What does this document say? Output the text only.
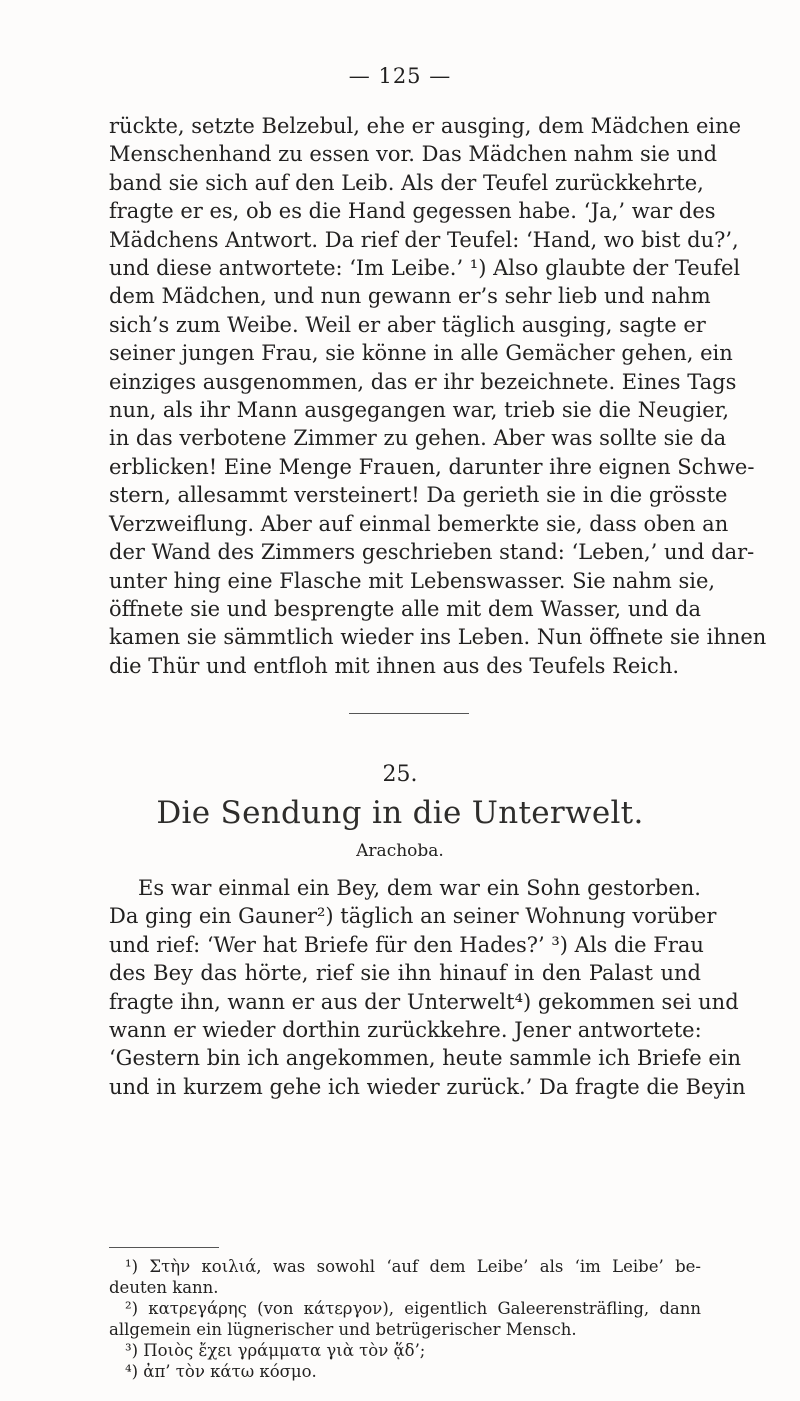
— 125 —
rückte, setzte Belzebul, ehe er ausging, dem Mädchen eine
Menschenhand zu essen vor. Das Mädchen nahm sie und
band sie sich auf den Leib. Als der Teufel zurückkehrte,
fragte er es, ob es die Hand gegessen habe. ‘Ja,’ war des
Mädchens Antwort. Da rief der Teufel: ‘Hand, wo bist du?’,
und diese antwortete: ‘Im Leibe.’ ¹) Also glaubte der Teufel
dem Mädchen, und nun gewann er’s sehr lieb und nahm
sich’s zum Weibe. Weil er aber täglich ausging, sagte er
seiner jungen Frau, sie könne in alle Gemächer gehen, ein
einziges ausgenommen, das er ihr bezeichnete. Eines Tags
nun, als ihr Mann ausgegangen war, trieb sie die Neugier,
in das verbotene Zimmer zu gehen. Aber was sollte sie da
erblicken! Eine Menge Frauen, darunter ihre eignen Schwe-
stern, allesammt versteinert! Da gerieth sie in die grösste
Verzweiflung. Aber auf einmal bemerkte sie, dass oben an
der Wand des Zimmers geschrieben stand: ‘Leben,’ und dar-
unter hing eine Flasche mit Lebenswasser. Sie nahm sie,
öffnete sie und besprengte alle mit dem Wasser, und da
kamen sie sämmtlich wieder ins Leben. Nun öffnete sie ihnen
die Thür und entfloh mit ihnen aus des Teufels Reich.
25.
Die Sendung in die Unterwelt.
Arachoba.
Es war einmal ein Bey, dem war ein Sohn gestorben.
Da ging ein Gauner²) täglich an seiner Wohnung vorüber
und rief: ‘Wer hat Briefe für den Hades?’ ³) Als die Frau
des Bey das hörte, rief sie ihn hinauf in den Palast und
fragte ihn, wann er aus der Unterwelt⁴) gekommen sei und
wann er wieder dorthin zurückkehre. Jener antwortete:
‘Gestern bin ich angekommen, heute sammle ich Briefe ein
und in kurzem gehe ich wieder zurück.’ Da fragte die Beyin
¹) Στὴν κοιλιά, was sowohl ‘auf dem Leibe’ als ‘im Leibe’ be-
deuten kann.
²) κατρεγάρης (von κάτεργον), eigentlich Galeerensträfling, dann
allgemein ein lügnerischer und betrügerischer Mensch.
³) Ποιὸς ἔχει γράμματα γιὰ τὸν ᾅδ’;
⁴) ἀπ’ τὸν κάτω κόσμο.
